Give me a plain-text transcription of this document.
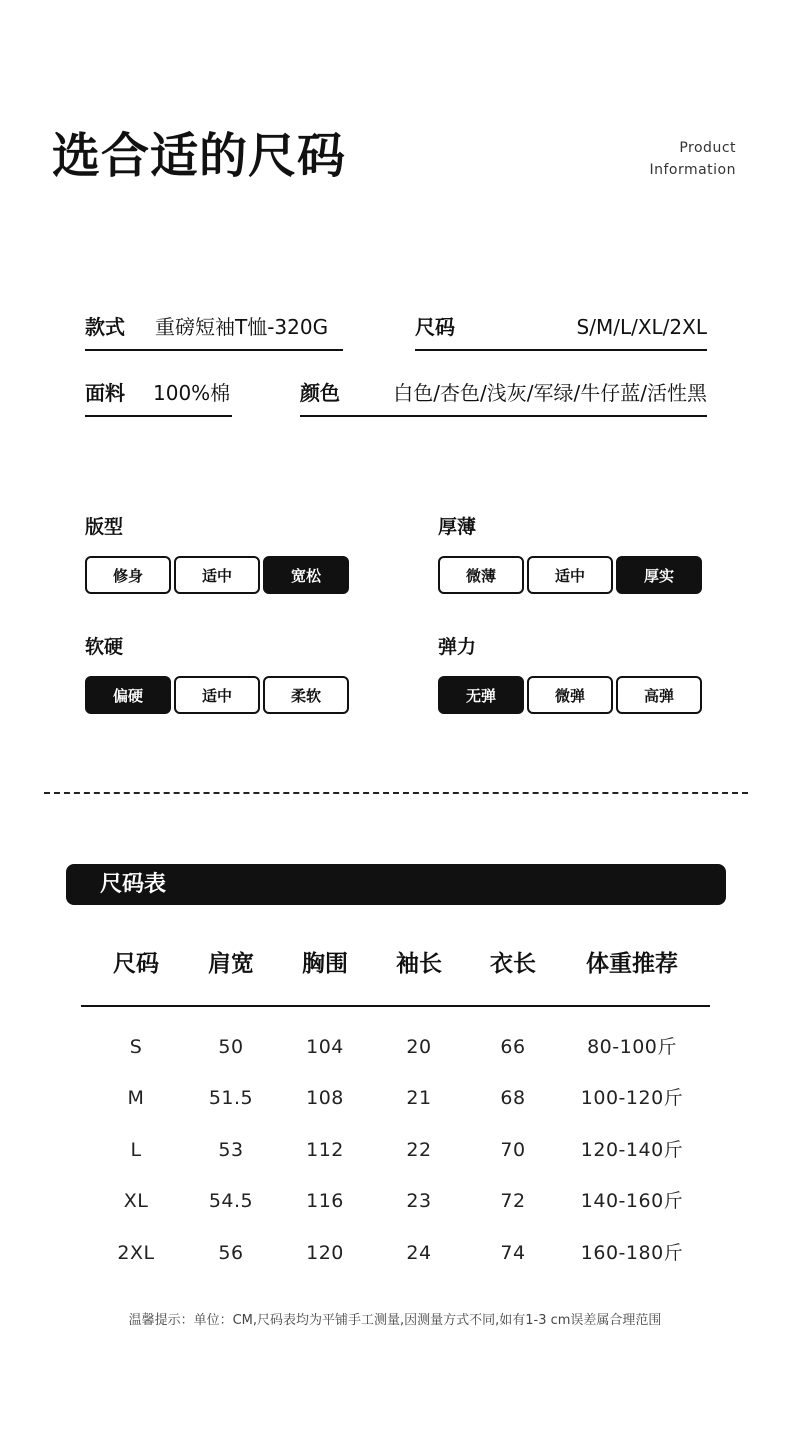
选合适的尺码	Product
Information
款式 重磅短袖T恤-320G	尺码	S/M/L/XL/2XL
面料 100%棉	颜色	白色/杏色/浅灰/军绿/牛仔蓝/活性黑
版型
修身	适中	宽松
厚薄
微薄	适中	厚实
软硬
偏硬	适中	柔软
弹力
无弹	微弹	高弹
尺码表
尺码	肩宽	胸围	袖长	衣长	体重推荐
S	50	104	20	66	80-100斤
M	51.5	108	21	68	100-120斤
L	53	112	22	70	120-140斤
XL	54.5	116	23	72	140-160斤
2XL	56	120	24	74	160-180斤
温馨提示：单位：CM,尺码表均为平铺手工测量,因测量方式不同,如有1-3 cm误差属合理范围
